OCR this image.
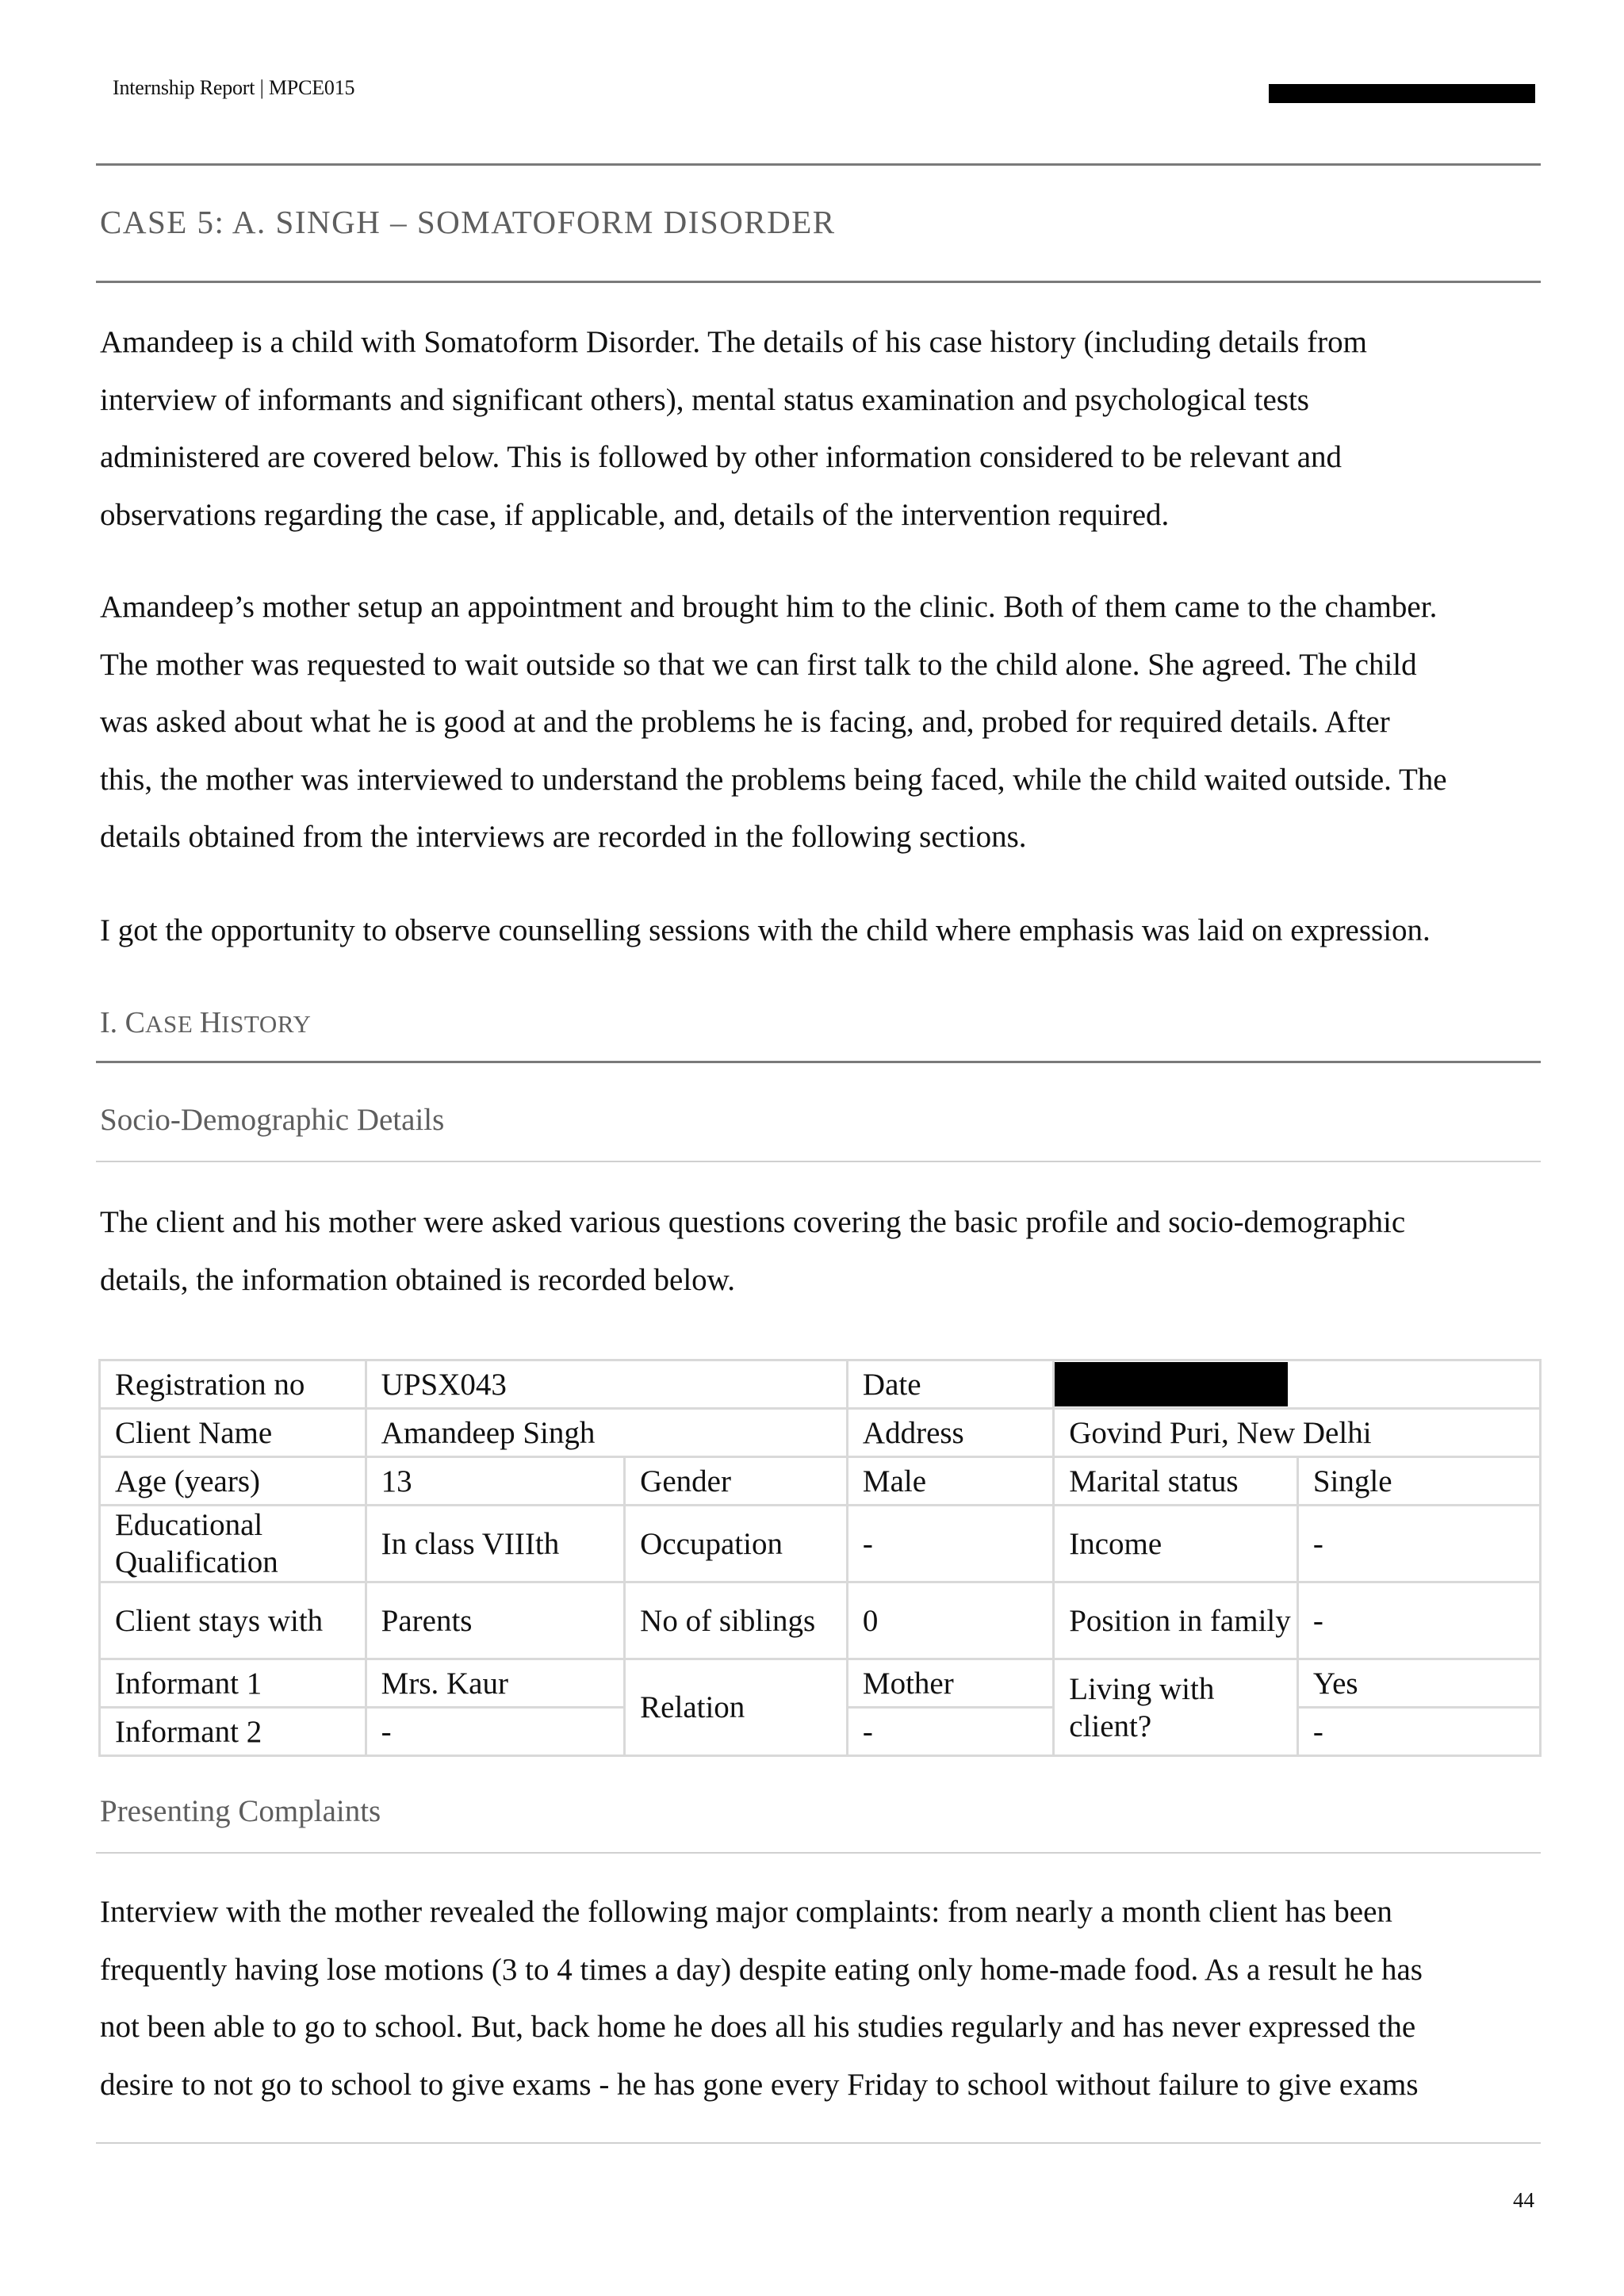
Internship Report | MPCE015
CASE 5: A. SINGH – SOMATOFORM DISORDER
Amandeep is a child with Somatoform Disorder. The details of his case history (including details from
interview of informants and significant others), mental status examination and psychological tests
administered are covered below. This is followed by other information considered to be relevant and
observations regarding the case, if applicable, and, details of the intervention required.
Amandeep’s mother setup an appointment and brought him to the clinic. Both of them came to the chamber.
The mother was requested to wait outside so that we can first talk to the child alone. She agreed. The child
was asked about what he is good at and the problems he is facing, and, probed for required details. After
this, the mother was interviewed to understand the problems being faced, while the child waited outside. The
details obtained from the interviews are recorded in the following sections.
I got the opportunity to observe counselling sessions with the child where emphasis was laid on expression.
I. CASE HISTORY
Socio-Demographic Details
The client and his mother were asked various questions covering the basic profile and socio-demographic
details, the information obtained is recorded below.
Registration no	UPSX043		Date		
Client Name	Amandeep Singh		Address	Govind Puri, New Delhi	
Age (years)	13	Gender	Male	Marital status	Single
Educational Qualification	In class VIIIth	Occupation	-	Income	-
Client stays with	Parents	No of siblings	0	Position in family	-
Informant 1	Mrs. Kaur	Relation	Mother	Living with client?	Yes
Informant 2	-		-		-
Presenting Complaints
Interview with the mother revealed the following major complaints: from nearly a month client has been
frequently having lose motions (3 to 4 times a day) despite eating only home-made food. As a result he has
not been able to go to school. But, back home he does all his studies regularly and has never expressed the
desire to not go to school to give exams - he has gone every Friday to school without failure to give exams
44
